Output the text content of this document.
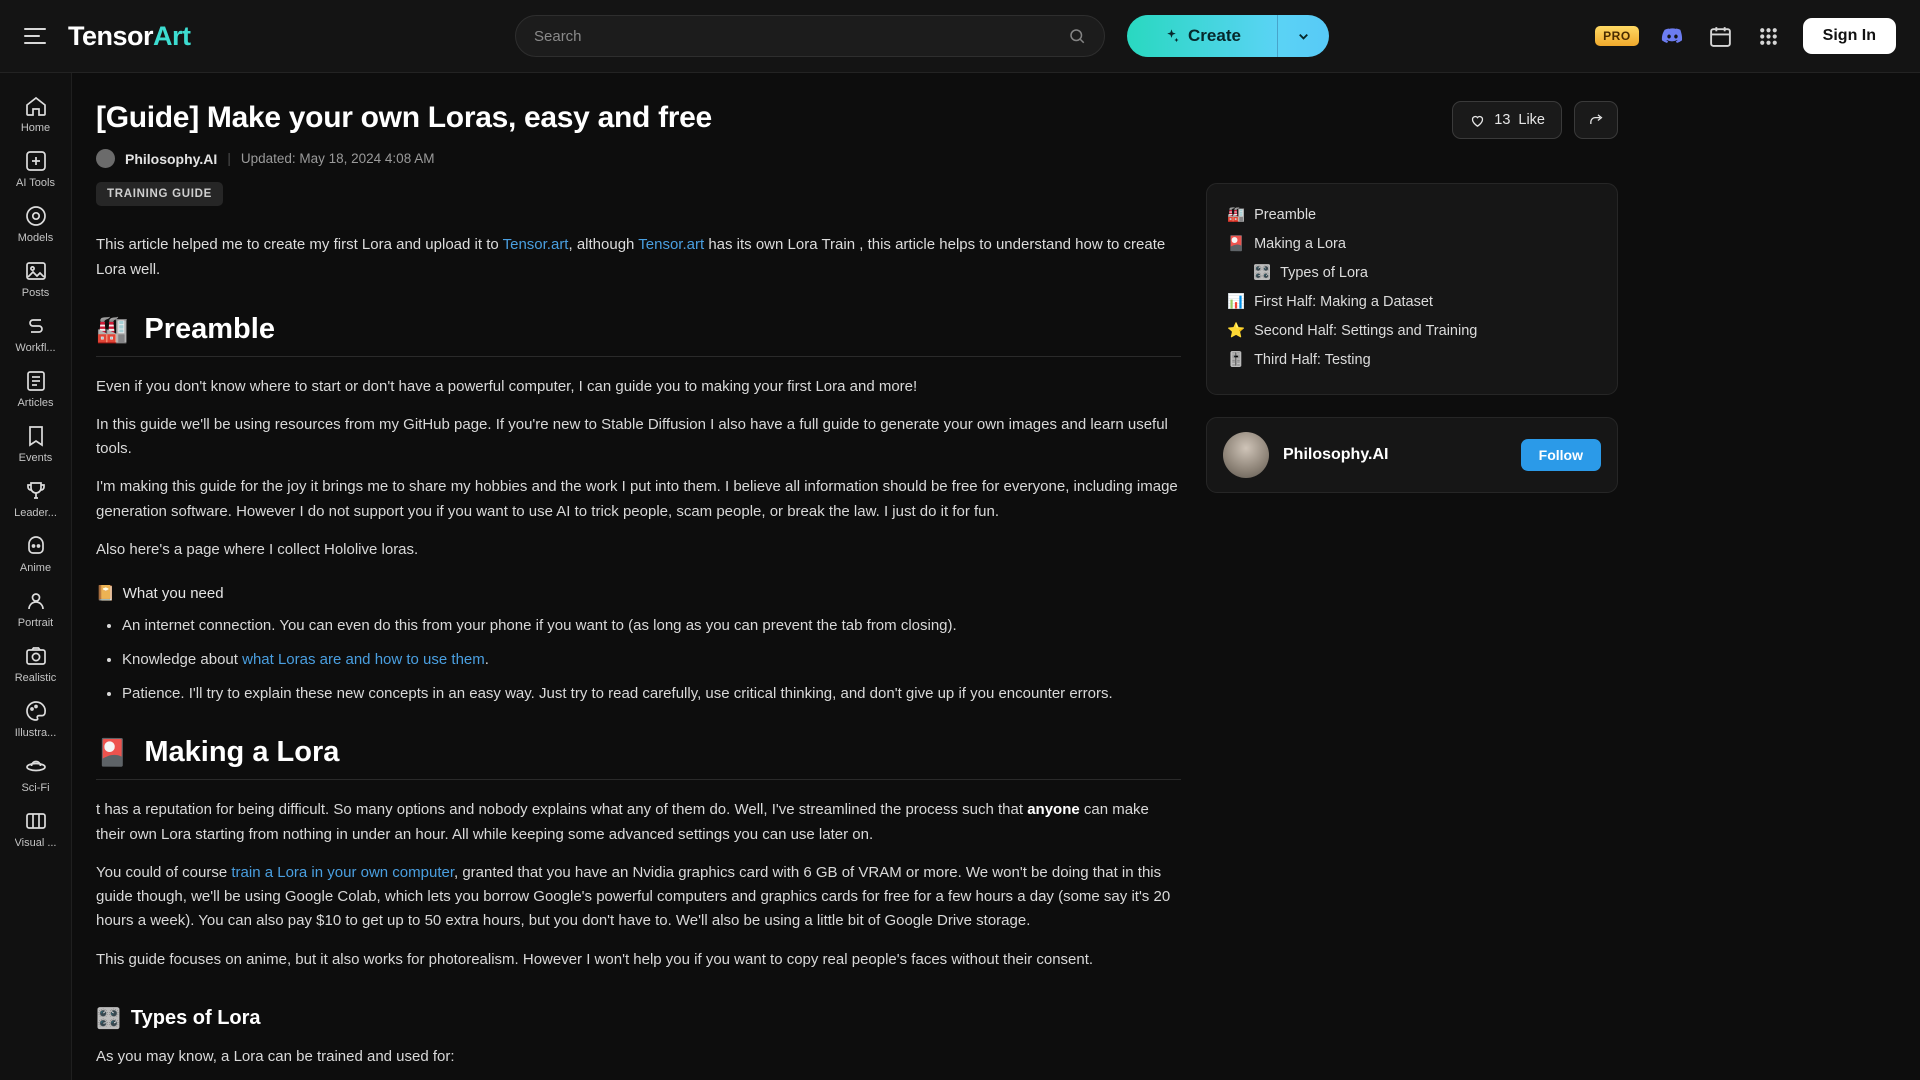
TensorArt
Search	Create	PRO	Sign In
Home
AI Tools
Models
Posts
Workfl...
Articles
Events
Leader...
Anime
Portrait
Realistic
Illustra...
Sci-Fi
Visual ...
[Guide] Make your own Loras, easy and free
Philosophy.AI | Updated: May 18, 2024 4:08 AM
TRAINING GUIDE
This article helped me to create my first Lora and upload it to Tensor.art, although Tensor.art has its own Lora Train , this article helps to understand how to create Lora well.
🏭 Preamble
Even if you don't know where to start or don't have a powerful computer, I can guide you to making your first Lora and more!
In this guide we'll be using resources from my GitHub page. If you're new to Stable Diffusion I also have a full guide to generate your own images and learn useful tools.
I'm making this guide for the joy it brings me to share my hobbies and the work I put into them. I believe all information should be free for everyone, including image generation software. However I do not support you if you want to use AI to trick people, scam people, or break the law. I just do it for fun.
Also here's a page where I collect Hololive loras.
📔 What you need
• An internet connection. You can even do this from your phone if you want to (as long as you can prevent the tab from closing).
• Knowledge about what Loras are and how to use them.
• Patience. I'll try to explain these new concepts in an easy way. Just try to read carefully, use critical thinking, and don't give up if you encounter errors.
🎴 Making a Lora
t has a reputation for being difficult. So many options and nobody explains what any of them do. Well, I've streamlined the process such that anyone can make their own Lora starting from nothing in under an hour. All while keeping some advanced settings you can use later on.
You could of course train a Lora in your own computer, granted that you have an Nvidia graphics card with 6 GB of VRAM or more. We won't be doing that in this guide though, we'll be using Google Colab, which lets you borrow Google's powerful computers and graphics cards for free for a few hours a day (some say it's 20 hours a week). You can also pay $10 to get up to 50 extra hours, but you don't have to. We'll also be using a little bit of Google Drive storage.
This guide focuses on anime, but it also works for photorealism. However I won't help you if you want to copy real people's faces without their consent.
🎛️ Types of Lora
As you may know, a Lora can be trained and used for:
13 Like
🏭 Preamble
🎴 Making a Lora
🎛️ Types of Lora
📊 First Half: Making a Dataset
⭐ Second Half: Settings and Training
🎚️ Third Half: Testing
Philosophy.AI	Follow
